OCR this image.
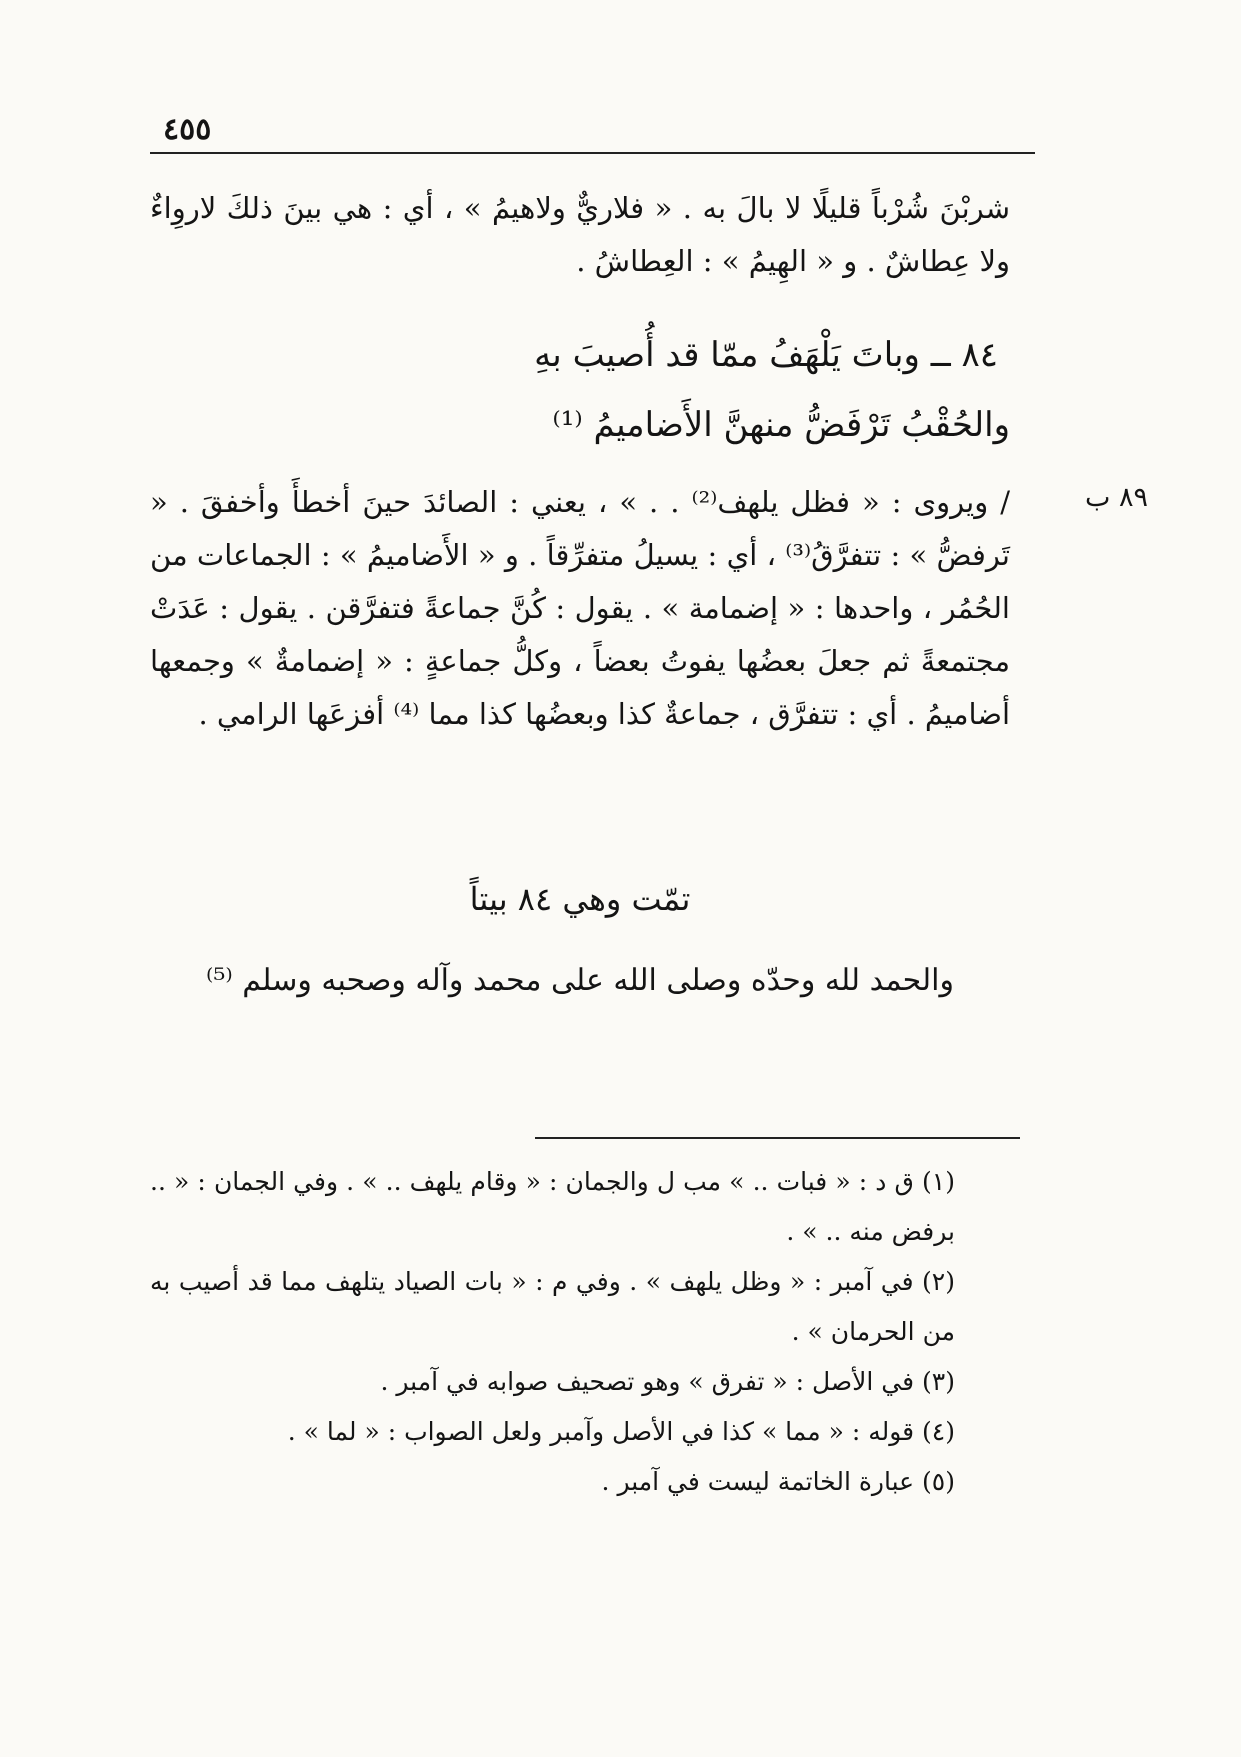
٤٥٥
شربْنَ شُرْباً قليلًا لا بالَ به . « فلاريٌّ ولاهيمُ » ، أي : هي بينَ ذلكَ لاروِاءٌ ولا عِطاشٌ . و « الهِيمُ » : العِطاشُ .
٨٤ ــ وباتَ يَلْهَفُ ممّا قد أُصيبَ بهِ
والحُقْبُ تَرْفَضُّ منهنَّ الأَضاميمُ ⁽¹⁾
٨٩ ب
/ ويروى : « فظل يلهف⁽²⁾ . . » ، يعني : الصائدَ حينَ أخطأَ وأخفقَ . « تَرفضُّ » : تتفرَّقُ⁽³⁾ ، أي : يسيلُ متفرِّقاً . و « الأَضاميمُ » : الجماعات من الحُمُر ، واحدها : « إضمامة » . يقول : كُنَّ جماعةً فتفرَّقن . يقول : عَدَتْ مجتمعةً ثم جعلَ بعضُها يفوتُ بعضاً ، وكلُّ جماعةٍ : « إضمامةٌ » وجمعها أضاميمُ . أي : تتفرَّق ، جماعةٌ كذا وبعضُها كذا مما ⁽⁴⁾ أفزعَها الرامي .
تمّت وهي ٨٤ بيتاً
والحمد لله وحدّه وصلى الله على محمد وآله وصحبه وسلم ⁽⁵⁾
(١) ق د : « فبات .. » مب ل والجمان : « وقام يلهف .. » . وفي الجمان : « .. برفض منه .. » .
(٢) في آمبر : « وظل يلهف » . وفي م : « بات الصياد يتلهف مما قد أصيب به من الحرمان » .
(٣) في الأصل : « تفرق » وهو تصحيف صوابه في آمبر .
(٤) قوله : « مما » كذا في الأصل وآمبر ولعل الصواب : « لما » .
(٥) عبارة الخاتمة ليست في آمبر .
